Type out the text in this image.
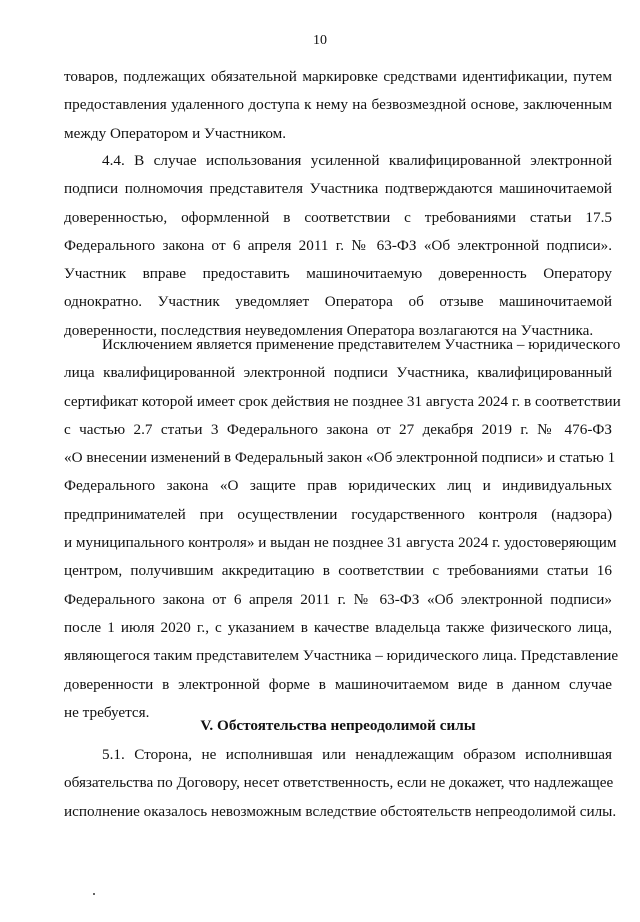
10
товаров, подлежащих обязательной маркировке средствами идентификации, путем
предоставления удаленного доступа к нему на безвозмездной основе, заключенным
между Оператором и Участником.
4.4. В случае использования усиленной квалифицированной электронной
подписи полномочия представителя Участника подтверждаются машиночитаемой
доверенностью, оформленной в соответствии с требованиями статьи 17.5
Федерального закона от 6 апреля 2011 г. № 63-ФЗ «Об электронной подписи».
Участник вправе предоставить машиночитаемую доверенность Оператору
однократно. Участник уведомляет Оператора об отзыве машиночитаемой
доверенности, последствия неуведомления Оператора возлагаются на Участника.
Исключением является применение представителем Участника – юридического
лица квалифицированной электронной подписи Участника, квалифицированный
сертификат которой имеет срок действия не позднее 31 августа 2024 г. в соответствии
с частью 2.7 статьи 3 Федерального закона от 27 декабря 2019 г. № 476-ФЗ
«О внесении изменений в Федеральный закон «Об электронной подписи» и статью 1
Федерального закона «О защите прав юридических лиц и индивидуальных
предпринимателей при осуществлении государственного контроля (надзора)
и муниципального контроля» и выдан не позднее 31 августа 2024 г. удостоверяющим
центром, получившим аккредитацию в соответствии с требованиями статьи 16
Федерального закона от 6 апреля 2011 г. № 63-ФЗ «Об электронной подписи»
после 1 июля 2020 г., с указанием в качестве владельца также физического лица,
являющегося таким представителем Участника – юридического лица. Представление
доверенности в электронной форме в машиночитаемом виде в данном случае
не требуется.
V. Обстоятельства непреодолимой силы
5.1. Сторона, не исполнившая или ненадлежащим образом исполнившая
обязательства по Договору, несет ответственность, если не докажет, что надлежащее
исполнение оказалось невозможным вследствие обстоятельств непреодолимой силы.
